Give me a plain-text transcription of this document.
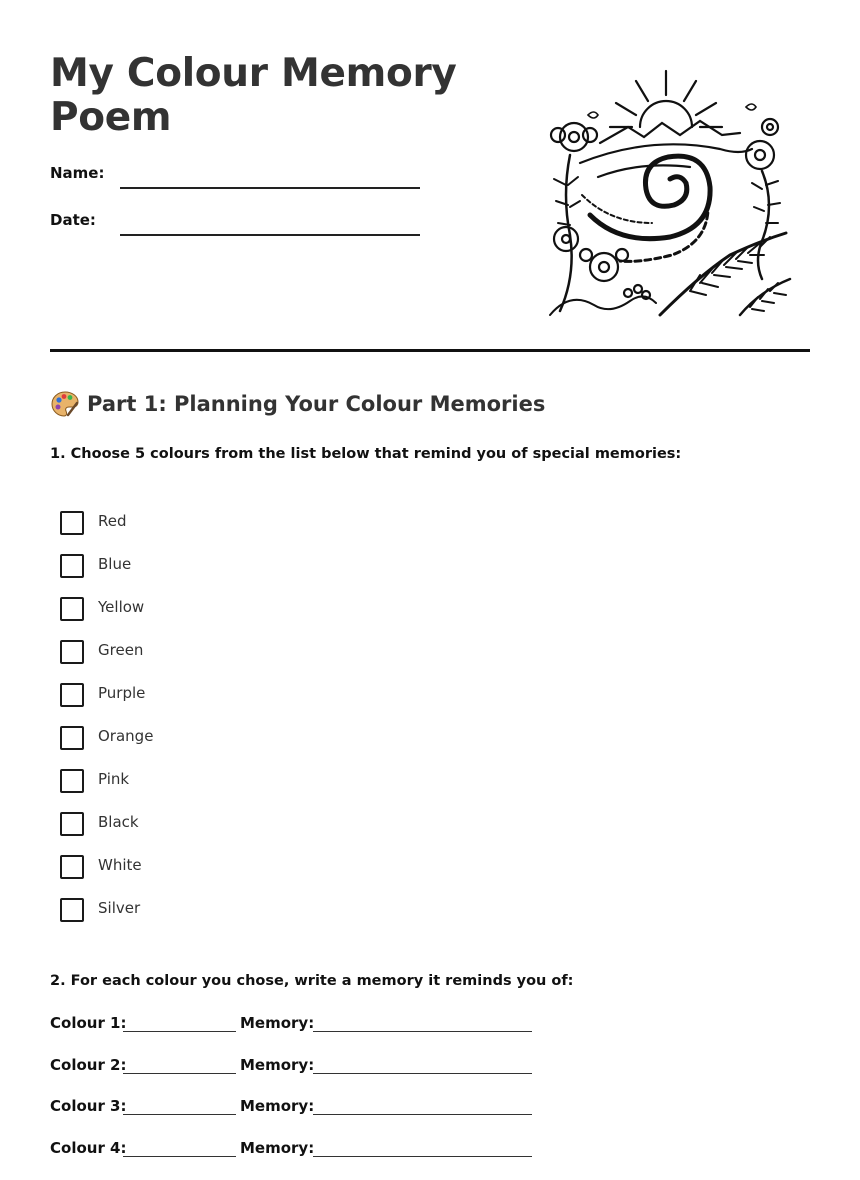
My Colour Memory Poem
Name:
Date:
Part 1: Planning Your Colour Memories
1. Choose 5 colours from the list below that remind you of special memories:
Red
Blue
Yellow
Green
Purple
Orange
Pink
Black
White
Silver
2. For each colour you chose, write a memory it reminds you of:
Colour 1:	Memory:
Colour 2:	Memory:
Colour 3:	Memory:
Colour 4:	Memory:
